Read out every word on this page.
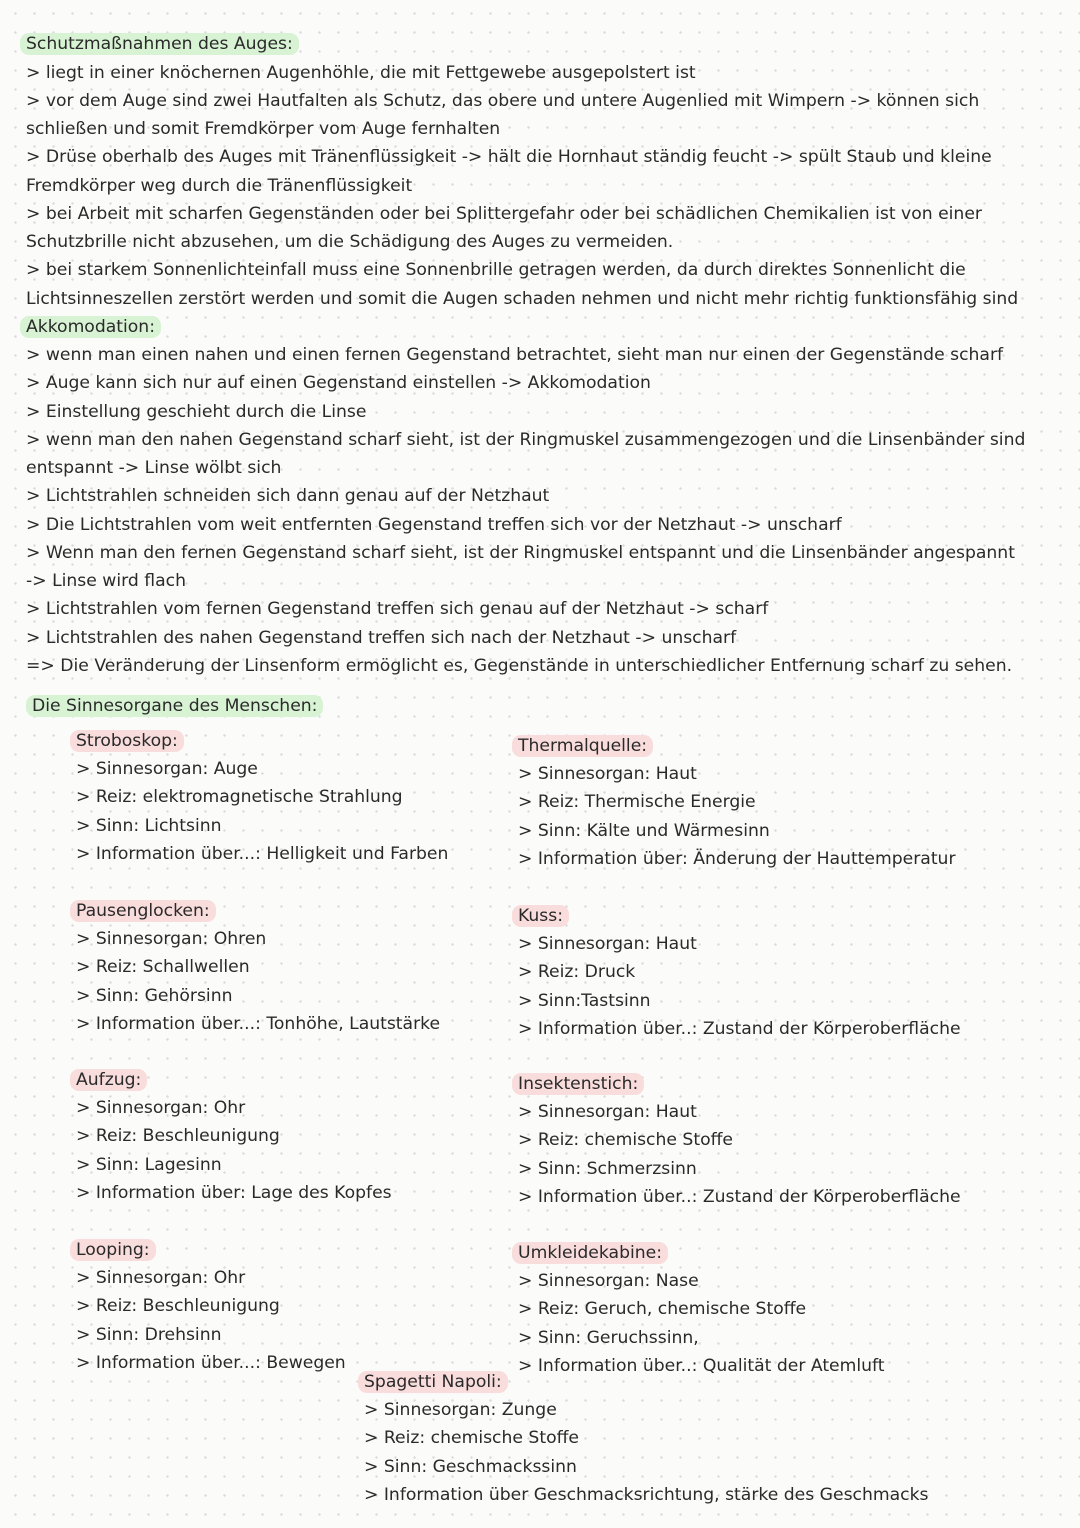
Schutzmaßnahmen des Auges:
> liegt in einer knöchernen Augenhöhle, die mit Fettgewebe ausgepolstert ist
> vor dem Auge sind zwei Hautfalten als Schutz, das obere und untere Augenlied mit Wimpern -> können sich
schließen und somit Fremdkörper vom Auge fernhalten
> Drüse oberhalb des Auges mit Tränenflüssigkeit -> hält die Hornhaut ständig feucht -> spült Staub und kleine
Fremdkörper weg durch die Tränenflüssigkeit
> bei Arbeit mit scharfen Gegenständen oder bei Splittergefahr oder bei schädlichen Chemikalien ist von einer
Schutzbrille nicht abzusehen, um die Schädigung des Auges zu vermeiden.
> bei starkem Sonnenlichteinfall muss eine Sonnenbrille getragen werden, da durch direktes Sonnenlicht die
Lichtsinneszellen zerstört werden und somit die Augen schaden nehmen und nicht mehr richtig funktionsfähig sind
Akkomodation:
> wenn man einen nahen und einen fernen Gegenstand betrachtet, sieht man nur einen der Gegenstände scharf
> Auge kann sich nur auf einen Gegenstand einstellen -> Akkomodation
> Einstellung geschieht durch die Linse
> wenn man den nahen Gegenstand scharf sieht, ist der Ringmuskel zusammengezogen und die Linsenbänder sind
entspannt -> Linse wölbt sich
> Lichtstrahlen schneiden sich dann genau auf der Netzhaut
> Die Lichtstrahlen vom weit entfernten Gegenstand treffen sich vor der Netzhaut -> unscharf
> Wenn man den fernen Gegenstand scharf sieht, ist der Ringmuskel entspannt und die Linsenbänder angespannt
-> Linse wird flach
> Lichtstrahlen vom fernen Gegenstand treffen sich genau auf der Netzhaut -> scharf
> Lichtstrahlen des nahen Gegenstand treffen sich nach der Netzhaut -> unscharf
=> Die Veränderung der Linsenform ermöglicht es, Gegenstände in unterschiedlicher Entfernung scharf zu sehen.
Die Sinnesorgane des Menschen:
Stroboskop:
> Sinnesorgan: Auge
> Reiz: elektromagnetische Strahlung
> Sinn: Lichtsinn
> Information über...: Helligkeit und Farben
Pausenglocken:
> Sinnesorgan: Ohren
> Reiz: Schallwellen
> Sinn: Gehörsinn
> Information über...: Tonhöhe, Lautstärke
Aufzug:
> Sinnesorgan: Ohr
> Reiz: Beschleunigung
> Sinn: Lagesinn
> Information über: Lage des Kopfes
Looping:
> Sinnesorgan: Ohr
> Reiz: Beschleunigung
> Sinn: Drehsinn
> Information über...: Bewegen
Thermalquelle:
> Sinnesorgan: Haut
> Reiz: Thermische Energie
> Sinn: Kälte und Wärmesinn
> Information über: Änderung der Hauttemperatur
Kuss:
> Sinnesorgan: Haut
> Reiz: Druck
> Sinn:Tastsinn
> Information über..: Zustand der Körperoberfläche
Insektenstich:
> Sinnesorgan: Haut
> Reiz: chemische Stoffe
> Sinn: Schmerzsinn
> Information über..: Zustand der Körperoberfläche
Umkleidekabine:
> Sinnesorgan: Nase
> Reiz: Geruch, chemische Stoffe
> Sinn: Geruchssinn,
> Information über..: Qualität der Atemluft
Spagetti Napoli:
> Sinnesorgan: Zunge
> Reiz: chemische Stoffe
> Sinn: Geschmackssinn
> Information über Geschmacksrichtung, stärke des Geschmacks
